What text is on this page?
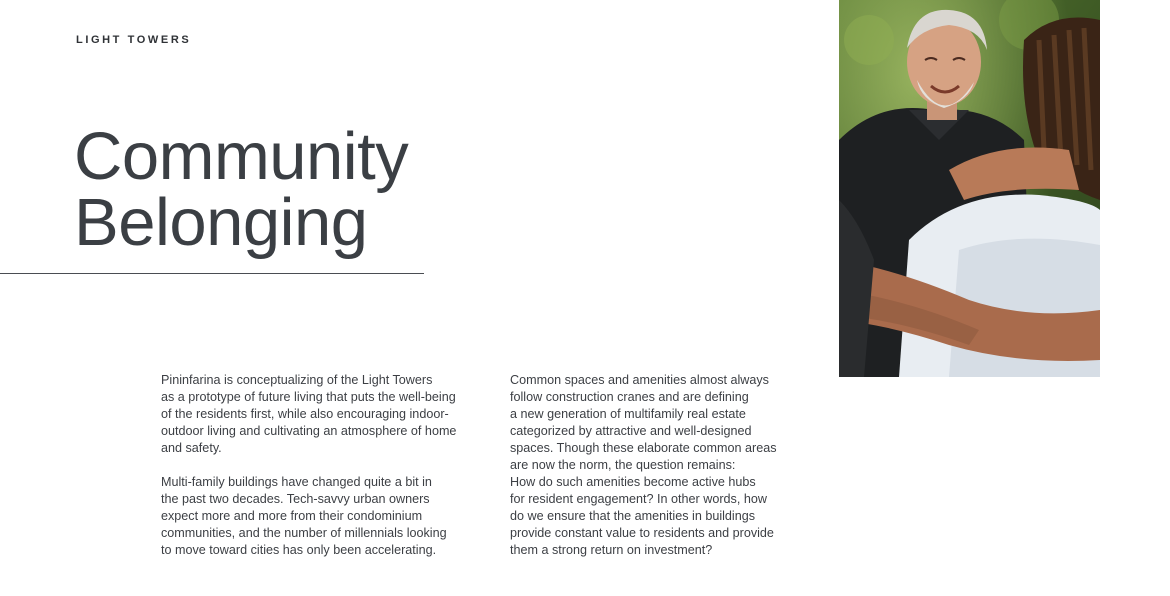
LIGHT TOWERS
Community
Belonging

Pininfarina is conceptualizing of the Light Towers
as a prototype of future living that puts the well-being
of the residents first, while also encouraging indoor-
outdoor living and cultivating an atmosphere of home
and safety.

Multi-family buildings have changed quite a bit in
the past two decades. Tech-savvy urban owners
expect more and more from their condominium
communities, and the number of millennials looking
to move toward cities has only been accelerating.

Common spaces and amenities almost always
follow construction cranes and are defining
a new generation of multifamily real estate
categorized by attractive and well-designed
spaces. Though these elaborate common areas
are now the norm, the question remains:
How do such amenities become active hubs
for resident engagement? In other words, how
do we ensure that the amenities in buildings
provide constant value to residents and provide
them a strong return on investment?
